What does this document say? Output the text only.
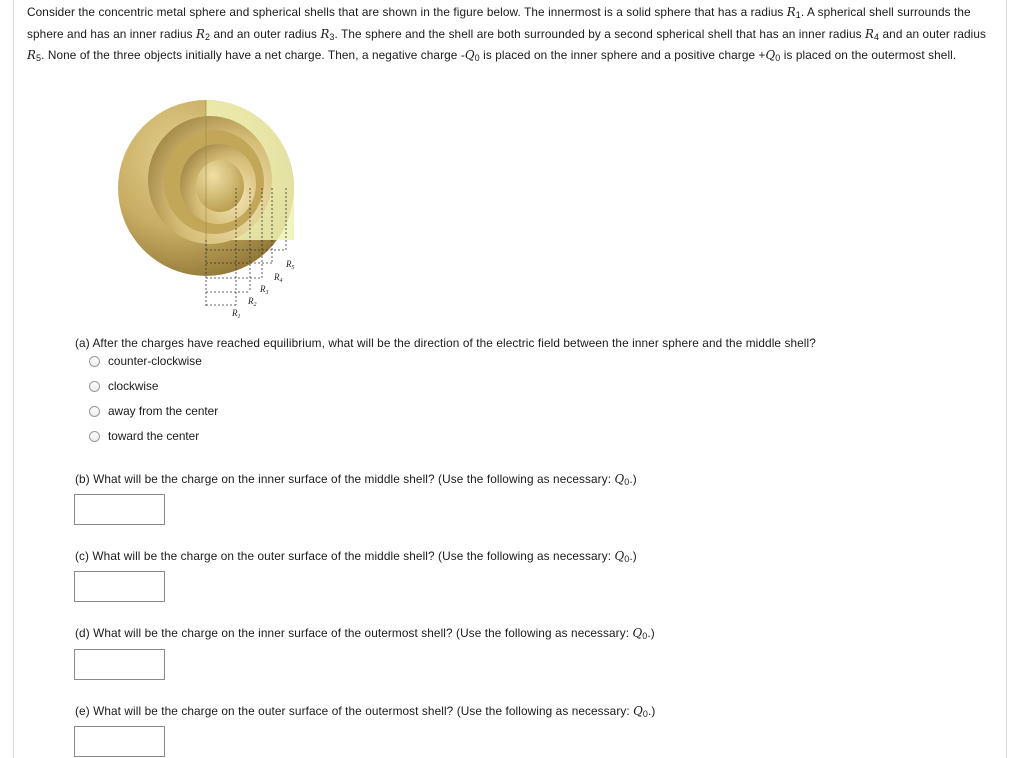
Consider the concentric metal sphere and spherical shells that are shown in the figure below. The innermost is a solid sphere that has a radius $R_1$. A spherical shell surrounds the sphere and has an inner radius $R_2$ and an outer radius $R_3$. The sphere and the shell are both surrounded by a second spherical shell that has an inner radius $R_4$ and an outer radius $R_5$. None of the three objects initially have a net charge. Then, a negative charge $-Q_0$ is placed on the inner sphere and a positive charge $+Q_0$ is placed on the outermost shell.
$R_5$
$R_4$
$R_3$
$R_2$
$R_1$
(a) After the charges have reached equilibrium, what will be the direction of the electric field between the inner sphere and the middle shell?
counter-clockwise
clockwise
away from the center
toward the center
(b) What will be the charge on the inner surface of the middle shell? (Use the following as necessary: $Q_0$.)
(c) What will be the charge on the outer surface of the middle shell? (Use the following as necessary: $Q_0$.)
(d) What will be the charge on the inner surface of the outermost shell? (Use the following as necessary: $Q_0$.)
(e) What will be the charge on the outer surface of the outermost shell? (Use the following as necessary: $Q_0$.)
